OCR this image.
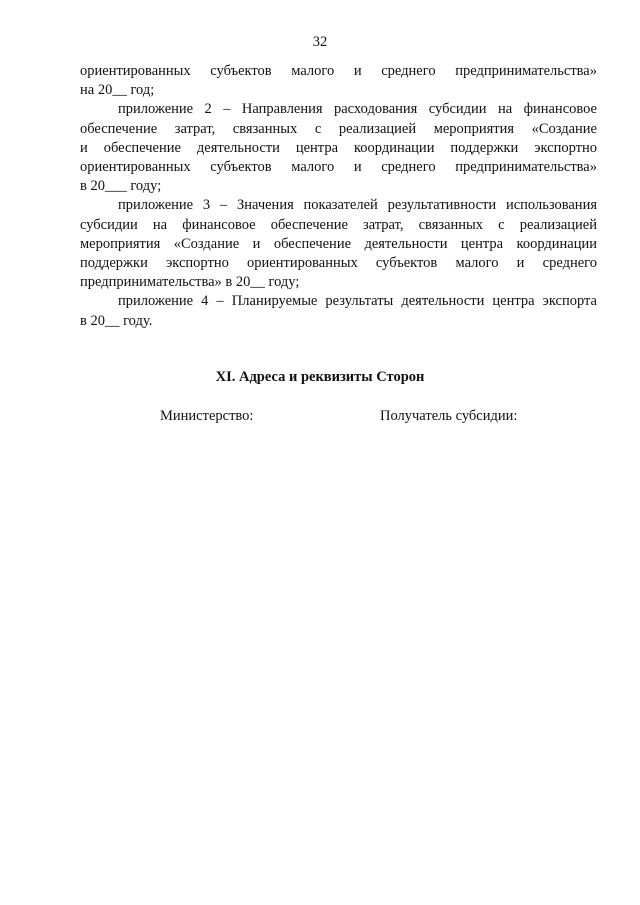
32

ориентированных субъектов малого и среднего предпринимательства»
на 20__ год;

приложение 2 – Направления расходования субсидии на финансовое
обеспечение затрат, связанных с реализацией мероприятия «Создание
и обеспечение деятельности центра координации поддержки экспортно
ориентированных субъектов малого и среднего предпринимательства»
в 20___ году;

приложение 3 – Значения показателей результативности использования
субсидии на финансовое обеспечение затрат, связанных с реализацией
мероприятия «Создание и обеспечение деятельности центра координации
поддержки экспортно ориентированных субъектов малого и среднего
предпринимательства» в 20__ году;

приложение 4 – Планируемые результаты деятельности центра экспорта
в 20__ году.

XI. Адреса и реквизиты Сторон
Министерство:	Получатель субсидии:
